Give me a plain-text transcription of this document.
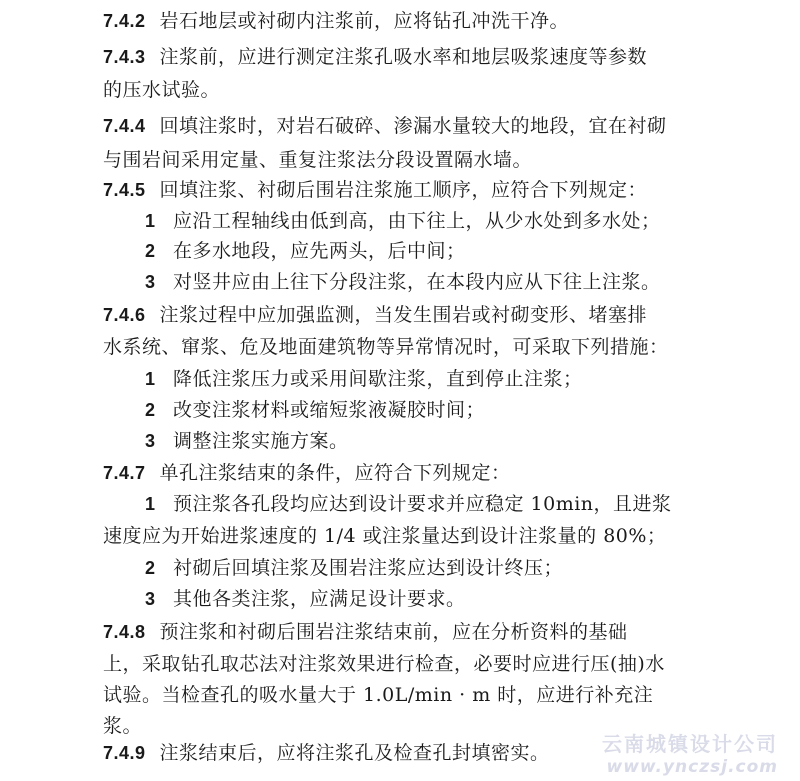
7.4.2 岩石地层或衬砌内注浆前，应将钻孔冲洗干净。
7.4.3 注浆前，应进行测定注浆孔吸水率和地层吸浆速度等参数
的压水试验。
7.4.4 回填注浆时，对岩石破碎、渗漏水量较大的地段，宜在衬砌
与围岩间采用定量、重复注浆法分段设置隔水墙。
7.4.5 回填注浆、衬砌后围岩注浆施工顺序，应符合下列规定：
1 应沿工程轴线由低到高，由下往上，从少水处到多水处；
2 在多水地段，应先两头，后中间；
3 对竖井应由上往下分段注浆，在本段内应从下往上注浆。
7.4.6 注浆过程中应加强监测，当发生围岩或衬砌变形、堵塞排
水系统、窜浆、危及地面建筑物等异常情况时，可采取下列措施：
1 降低注浆压力或采用间歇注浆，直到停止注浆；
2 改变注浆材料或缩短浆液凝胶时间；
3 调整注浆实施方案。
7.4.7 单孔注浆结束的条件，应符合下列规定：
1 预注浆各孔段均应达到设计要求并应稳定 10min，且进浆
速度应为开始进浆速度的 1/4 或注浆量达到设计注浆量的 80%；
2 衬砌后回填注浆及围岩注浆应达到设计终压；
3 其他各类注浆，应满足设计要求。
7.4.8 预注浆和衬砌后围岩注浆结束前，应在分析资料的基础
上，采取钻孔取芯法对注浆效果进行检查，必要时应进行压(抽)水
试验。当检查孔的吸水量大于 1.0L/min · m 时，应进行补充注
浆。
7.4.9 注浆结束后，应将注浆孔及检查孔封填密实。	云南城镇设计公司
www.ynczsj.com
